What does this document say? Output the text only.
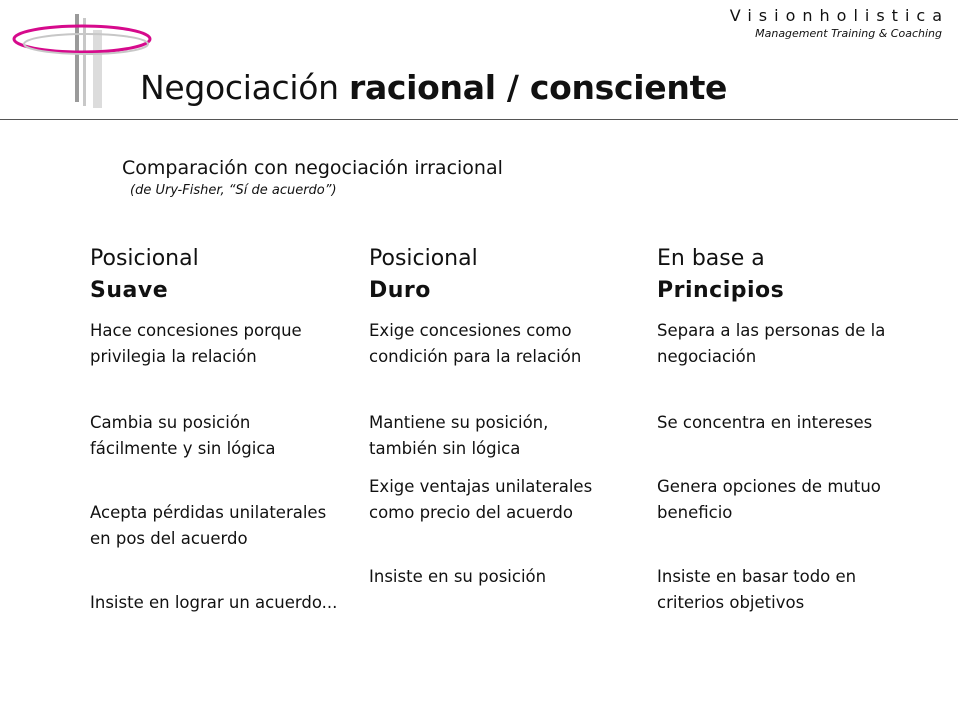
Visionholistica
Management Training & Coaching
Negociación racional / consciente
Comparación con negociación irracional
(de Ury-Fisher, “Sí de acuerdo”)
Posicional
Suave
Hace concesiones porque privilegia la relación
Cambia su posición fácilmente y sin lógica
Acepta pérdidas unilaterales en pos del acuerdo
Insiste en lograr un acuerdo...
Posicional
Duro
Exige concesiones como condición para la relación
Mantiene su posición, también sin lógica
Exige ventajas unilaterales como precio del acuerdo
Insiste en su posición
En base a
Principios
Separa a las personas de la negociación
Se concentra en intereses
Genera opciones de mutuo beneficio
Insiste en basar todo en criterios objetivos
